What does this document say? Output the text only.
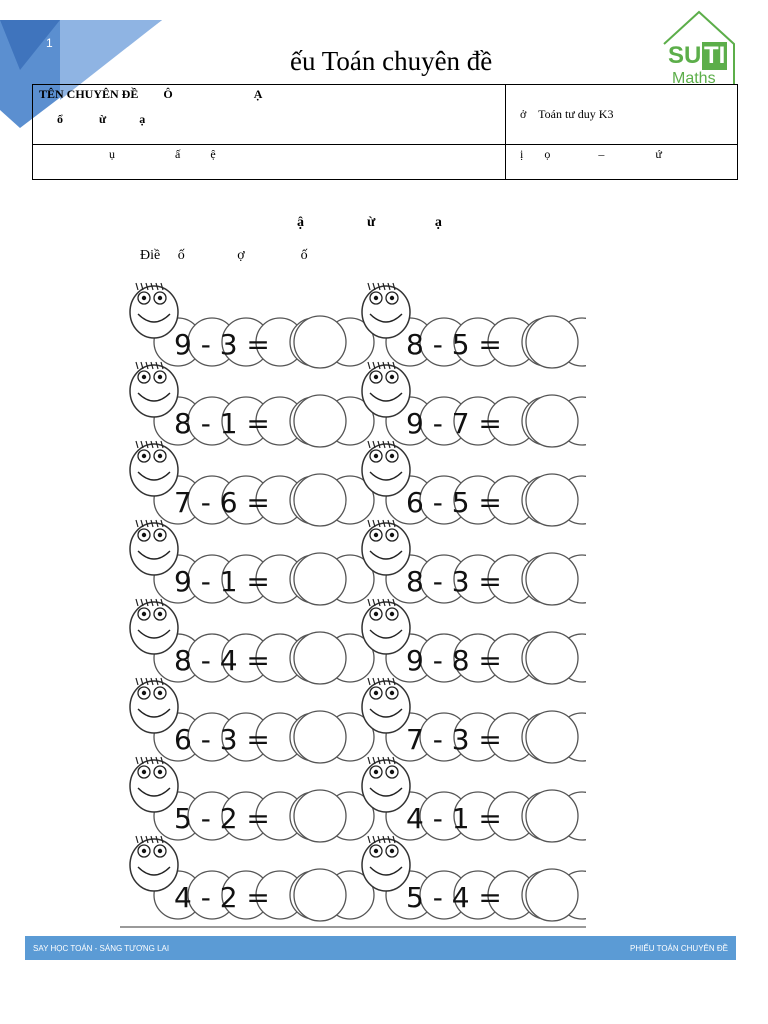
1
ếu Toán chuyên đề	SU TI
Maths
TÊN CHUYÊN ĐỀ Ô Ạ
ổ            ừ           ạ	ở    Toán tư duy K3
ụ                    ấ          ệ	ị       ọ                –                 ứ
ậ                  ừ                 ạ
Điề     ố               ợ                ố
9 - 3 =	8 - 5 =
8 - 1 =	9 - 7 =
7 - 6 =	6 - 5 =
9 - 1 =	8 - 3 =
8 - 4 =	9 - 8 =
6 - 3 =	7 - 3 =
5 - 2 =	4 - 1 =
4 - 2 =	5 - 4 =
SAY HỌC TOÁN - SÁNG TƯƠNG LAI	PHIẾU TOÁN CHUYÊN ĐỀ
